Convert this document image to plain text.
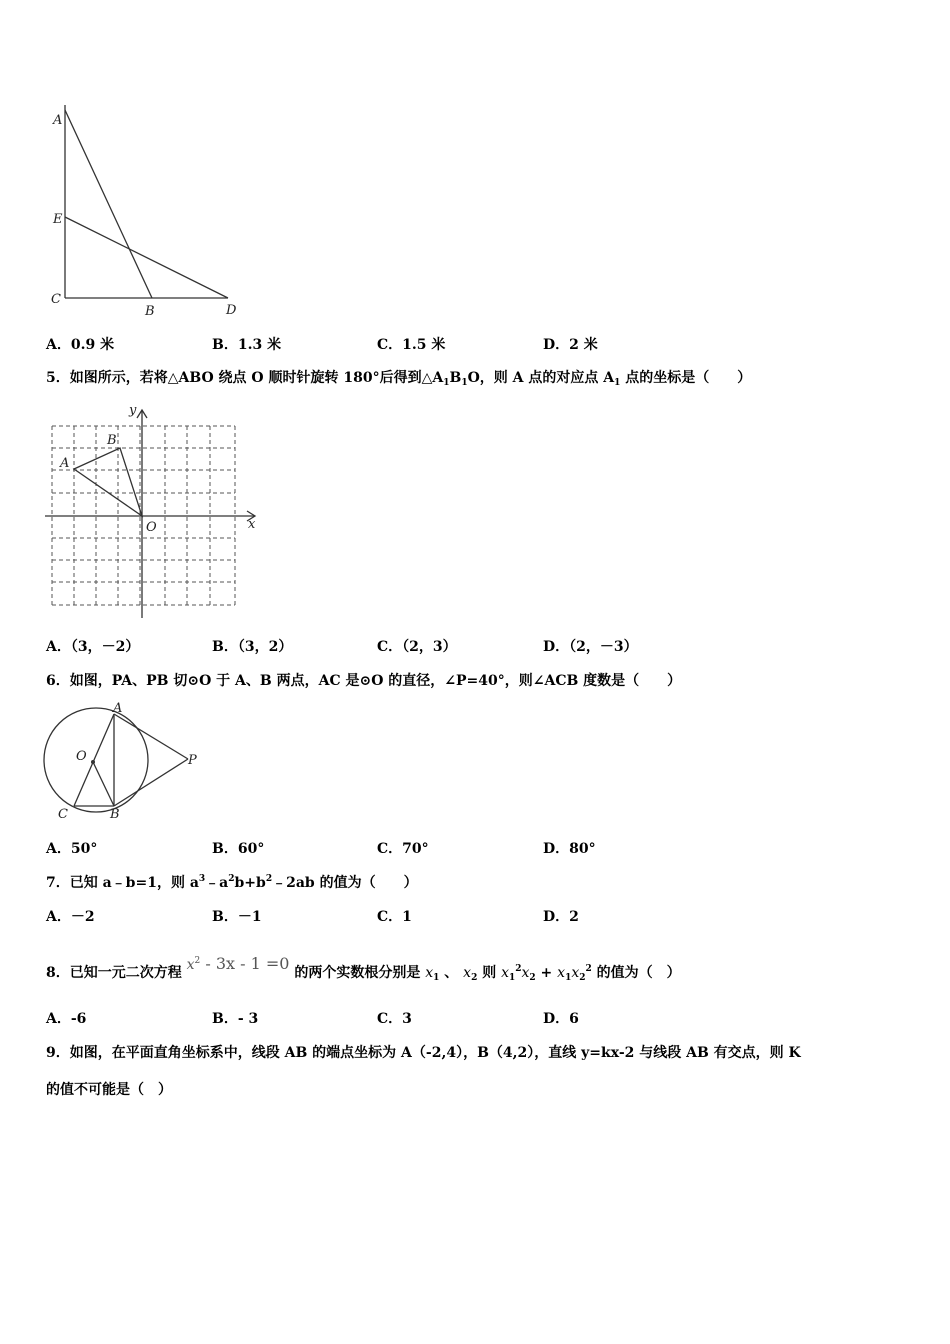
A
E
C
B	D
A．0.9 米	B．1.3 米	C．1.5 米	D．2 米
5．如图所示，若将△ABO 绕点 O 顺时针旋转 180°后得到$\triangle A_1B_1O$，则 A 点的对应点 $A_1$ 点的坐标是（　　）
y
x
B
A
O
A．（3，－2）	B．（3，2）	C．（2，3）	D．（2，－3）
6．如图，PA、PB 切⊙O 于 A、B 两点，AC 是⊙O 的直径，∠P=40°，则∠ACB 度数是（　　）
A
O	P
C	B
A．50°	B．60°	C．70°	D．80°
7．已知 a﹣b=1，则 $a^3﹣a^2b+b^2﹣2ab$ 的值为（　　）
A．－2	B．－1	C．1	D．2
8．已知一元二次方程 $x^2 - 3x - 1 =0$ 的两个实数根分别是 $x_1$ 、 $x_2$ 则 $x_1^2x_2 + x_1x_2^2$ 的值为（　）
A．-6	B．- 3	C．3	D．6
9．如图，在平面直角坐标系中，线段 AB 的端点坐标为 A（-2,4），B（4,2），直线 y=kx-2 与线段 AB 有交点，则 K
的值不可能是（　）
